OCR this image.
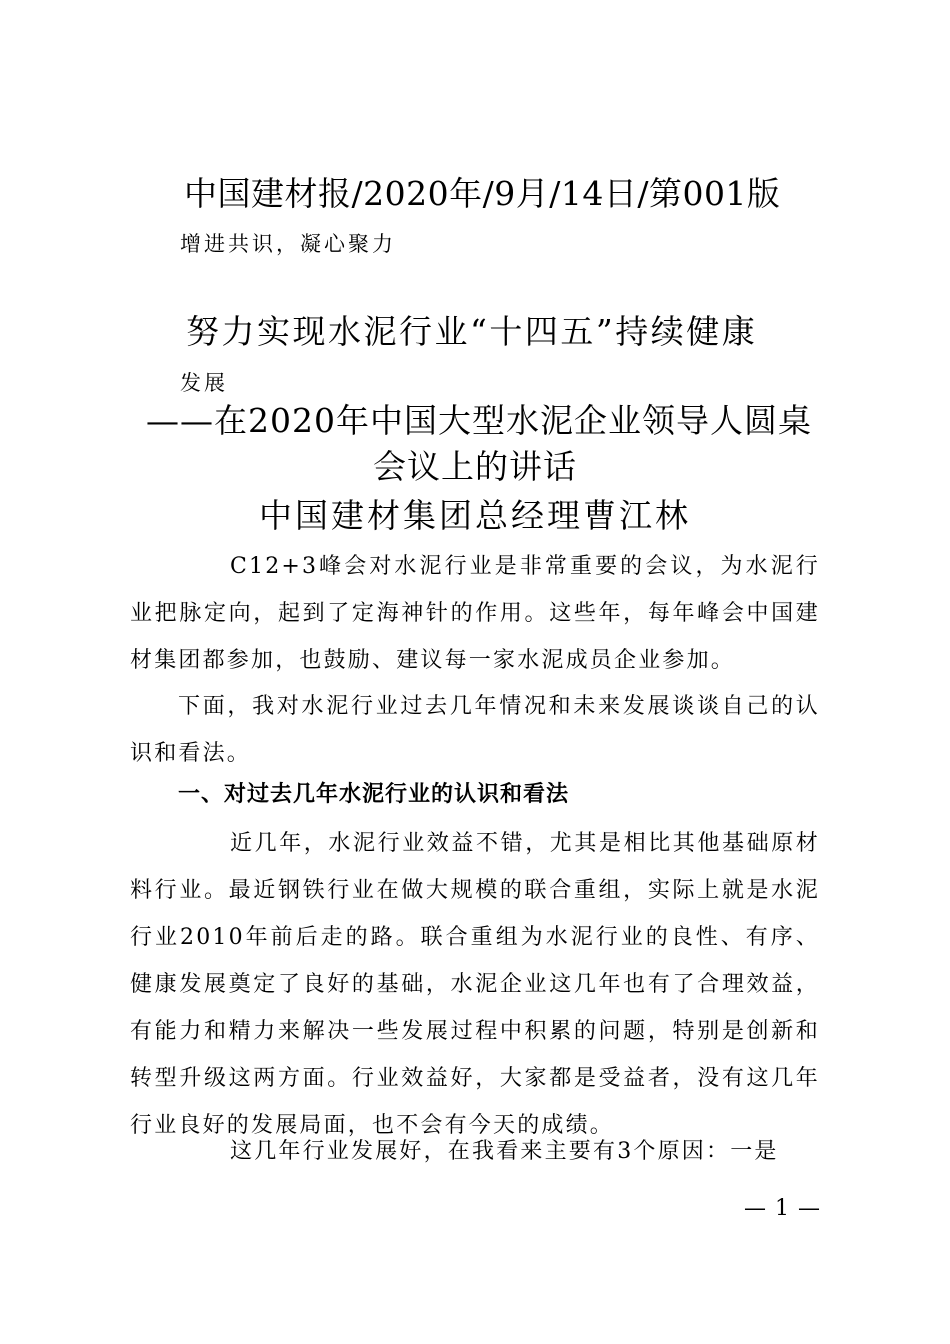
中国建材报/2020年/9月/14日/第001版
增进共识，凝心聚力
努力实现水泥行业“十四五”持续健康
发展
——在2020年中国大型水泥企业领导人圆桌
会议上的讲话
中国建材集团总经理曹江林
C12+3峰会对水泥行业是非常重要的会议，为水泥行业把脉定向，起到了定海神针的作用。这些年，每年峰会中国建材集团都参加，也鼓励、建议每一家水泥成员企业参加。
下面，我对水泥行业过去几年情况和未来发展谈谈自己的认识和看法。
一、对过去几年水泥行业的认识和看法
近几年，水泥行业效益不错，尤其是相比其他基础原材料行业。最近钢铁行业在做大规模的联合重组，实际上就是水泥行业2010年前后走的路。联合重组为水泥行业的良性、有序、健康发展奠定了良好的基础，水泥企业这几年也有了合理效益，有能力和精力来解决一些发展过程中积累的问题，特别是创新和转型升级这两方面。行业效益好，大家都是受益者，没有这几年行业良好的发展局面，也不会有今天的成绩。
这几年行业发展好，在我看来主要有3个原因：一是
— 1 —
